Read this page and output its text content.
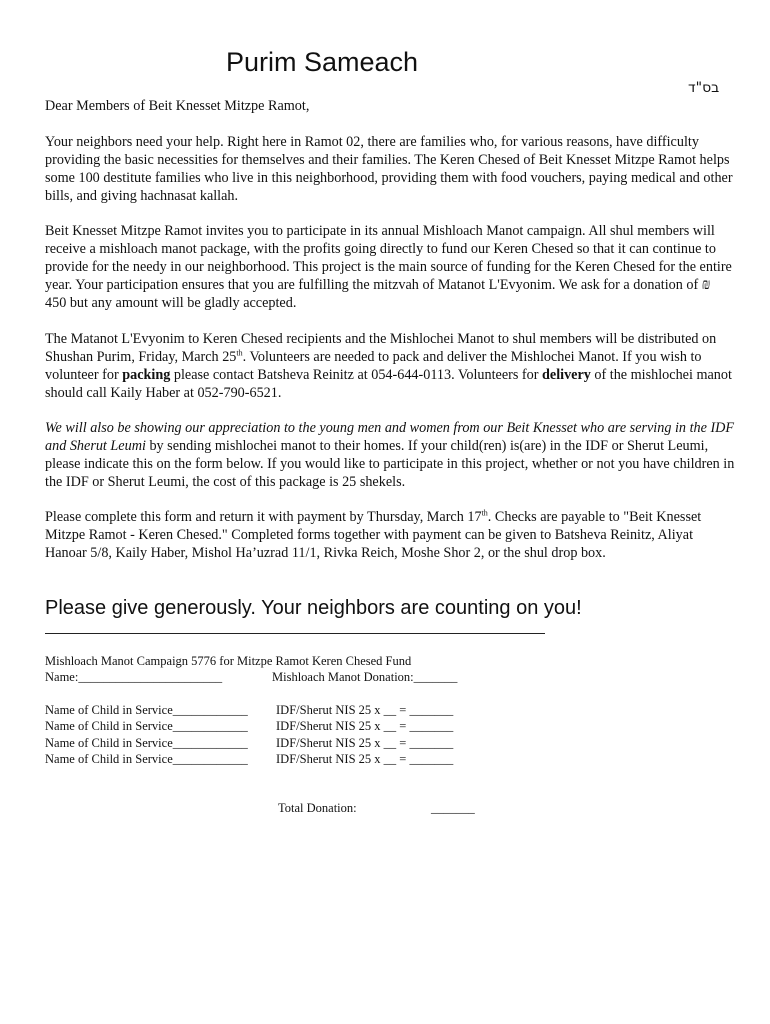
Purim Sameach
בס"ד
Dear Members of Beit Knesset Mitzpe Ramot,

Your neighbors need your help. Right here in Ramot 02, there are families who, for various reasons, have difficulty providing the basic necessities for themselves and their families. The Keren Chesed of Beit Knesset Mitzpe Ramot helps some 100 destitute families who live in this neighborhood, providing them with food vouchers, paying medical and other bills, and giving hachnasat kallah.

Beit Knesset Mitzpe Ramot invites you to participate in its annual Mishloach Manot campaign. All shul members will receive a mishloach manot package, with the profits going directly to fund our Keren Chesed so that it can continue to provide for the needy in our neighborhood. This project is the main source of funding for the Keren Chesed for the entire year. Your participation ensures that you are fulfilling the mitzvah of Matanot L'Evyonim. We ask for a donation of ₪ 450 but any amount will be gladly accepted.

The Matanot L'Evyonim to Keren Chesed recipients and the Mishlochei Manot to shul members will be distributed on Shushan Purim, Friday, March 25th. Volunteers are needed to pack and deliver the Mishlochei Manot. If you wish to volunteer for packing please contact Batsheva Reinitz at 054-644-0113. Volunteers for delivery of the mishlochei manot should call Kaily Haber at 052-790-6521.

We will also be showing our appreciation to the young men and women from our Beit Knesset who are serving in the IDF and Sherut Leumi by sending mishlochei manot to their homes. If your child(ren) is(are) in the IDF or Sherut Leumi, please indicate this on the form below. If you would like to participate in this project, whether or not you have children in the IDF or Sherut Leumi, the cost of this package is 25 shekels.

Please complete this form and return it with payment by Thursday, March 17th. Checks are payable to "Beit Knesset Mitzpe Ramot - Keren Chesed." Completed forms together with payment can be given to Batsheva Reinitz, Aliyat Hanoar 5/8, Kaily Haber, Mishol Ha’uzrad 11/1, Rivka Reich, Moshe Shor 2, or the shul drop box.

Please give generously. Your neighbors are counting on you!
Mishloach Manot Campaign 5776 for Mitzpe Ramot Keren Chesed Fund
Name:_______________________	Mishloach Manot Donation:_______
Name of Child in Service____________ IDF/Sherut NIS 25 x __ = _______
Name of Child in Service____________ IDF/Sherut NIS 25 x __ = _______
Name of Child in Service____________ IDF/Sherut NIS 25 x __ = _______
Name of Child in Service____________ IDF/Sherut NIS 25 x __ = _______
Total Donation:	_______
